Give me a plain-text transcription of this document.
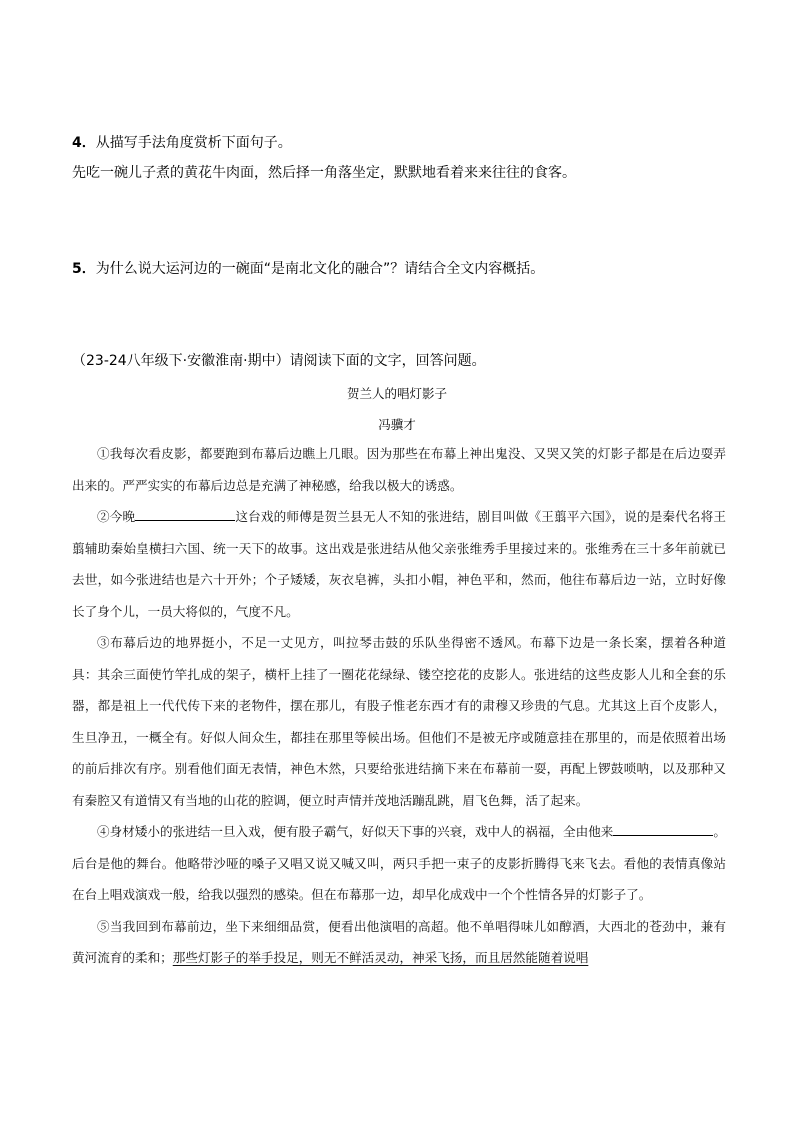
4．从描写手法角度赏析下面句子。
先吃一碗儿子煮的黄花牛肉面，然后择一角落坐定，默默地看着来来往往的食客。
5．为什么说大运河边的一碗面“是南北文化的融合”？请结合全文内容概括。
（23-24八年级下·安徽淮南·期中）请阅读下面的文字，回答问题。
贺兰人的唱灯影子
冯骥才

①我每次看皮影，都要跑到布幕后边瞧上几眼。因为那些在布幕上神出鬼没、又哭又笑的灯影子都是在后边耍弄出来的。严严实实的布幕后边总是充满了神秘感，给我以极大的诱惑。

②今晚	这台戏的师傅是贺兰县无人不知的张进结，剧目叫做《王翦平六国》，说的是秦代名将王翦辅助秦始皇横扫六国、统一天下的故事。这出戏是张进结从他父亲张维秀手里接过来的。张维秀在三十多年前就已去世，如今张进结也是六十开外；个子矮矮，灰衣皂裤，头扣小帽，神色平和，然而，他往布幕后边一站，立时好像长了身个儿，一员大将似的，气度不凡。

③布幕后边的地界挺小，不足一丈见方，叫拉琴击鼓的乐队坐得密不透风。布幕下边是一条长案，摆着各种道具：其余三面使竹竿扎成的架子，横杆上挂了一圈花花绿绿、镂空挖花的皮影人。张进结的这些皮影人儿和全套的乐器，都是祖上一代代传下来的老物件，摆在那儿，有股子惟老东西才有的肃穆又珍贵的气息。尤其这上百个皮影人，生旦净丑，一概全有。好似人间众生，都挂在那里等候出场。但他们不是被无序或随意挂在那里的，而是依照着出场的前后排次有序。别看他们面无表情，神色木然，只要给张进结摘下来在布幕前一耍，再配上锣鼓唢呐，以及那种又有秦腔又有道情又有当地的山花的腔调，便立时声情并茂地活蹦乱跳，眉飞色舞，活了起来。

④身材矮小的张进结一旦入戏，便有股子霸气，好似天下事的兴衰，戏中人的祸福，全由他来	。后台是他的舞台。他略带沙哑的嗓子又唱又说又喊又叫，两只手把一束子的皮影折腾得飞来飞去。看他的表情真像站在台上唱戏演戏一般，给我以强烈的感染。但在布幕那一边，却早化成戏中一个个性情各异的灯影子了。

⑤当我回到布幕前边，坐下来细细品赏，便看出他演唱的高超。他不单唱得味儿如醇酒，大西北的苍劲中，兼有黄河流育的柔和；那些灯影子的举手投足，则无不鲜活灵动，神采飞扬，而且居然能随着说唱
